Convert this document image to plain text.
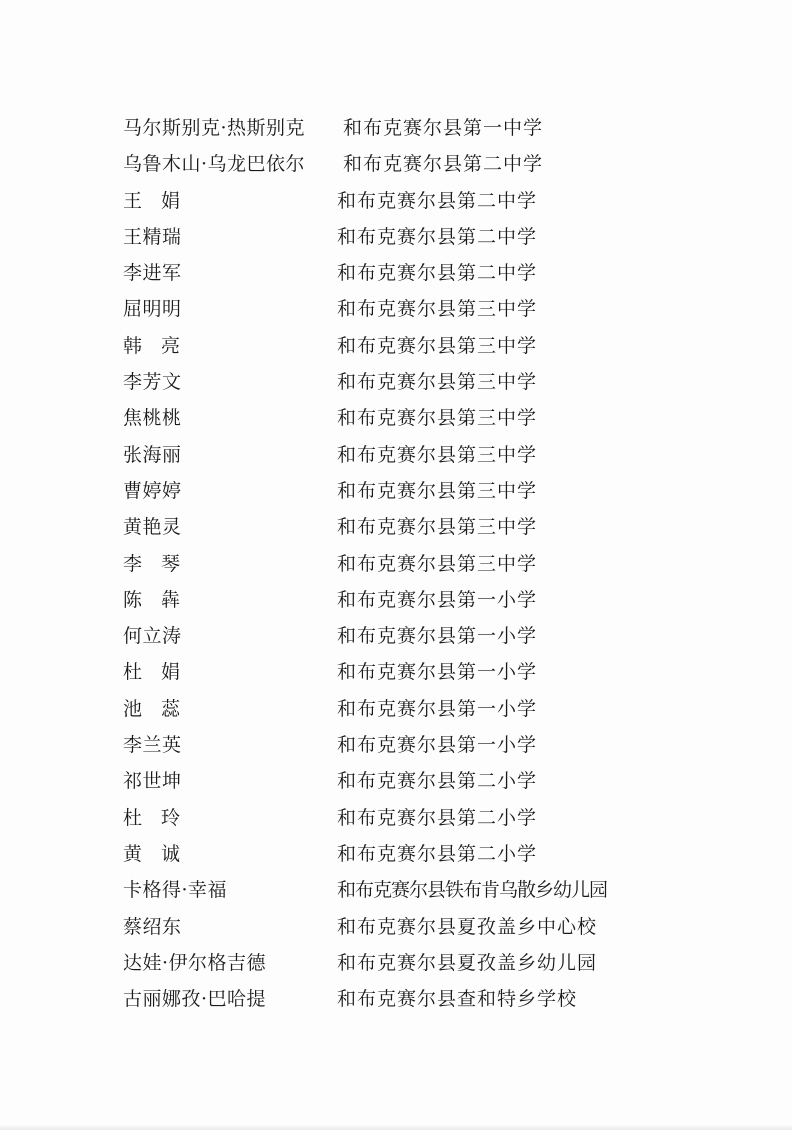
马尔斯别克·热斯别克 和布克赛尔县第一中学
乌鲁木山·乌龙巴依尔 和布克赛尔县第二中学
王　娟	和布克赛尔县第二中学
王精瑞	和布克赛尔县第二中学
李进军	和布克赛尔县第二中学
屈明明	和布克赛尔县第三中学
韩　亮	和布克赛尔县第三中学
李芳文	和布克赛尔县第三中学
焦桃桃	和布克赛尔县第三中学
张海丽	和布克赛尔县第三中学
曹婷婷	和布克赛尔县第三中学
黄艳灵	和布克赛尔县第三中学
李　琴	和布克赛尔县第三中学
陈　犇	和布克赛尔县第一小学
何立涛	和布克赛尔县第一小学
杜　娟	和布克赛尔县第一小学
池　蕊	和布克赛尔县第一小学
李兰英	和布克赛尔县第一小学
祁世坤	和布克赛尔县第二小学
杜　玲	和布克赛尔县第二小学
黄　诚	和布克赛尔县第二小学
卡格得·幸福	和布克赛尔县铁布肯乌散乡幼儿园
蔡绍东	和布克赛尔县夏孜盖乡中心校
达娃·伊尔格吉德	和布克赛尔县夏孜盖乡幼儿园
古丽娜孜·巴哈提	和布克赛尔县查和特乡学校
